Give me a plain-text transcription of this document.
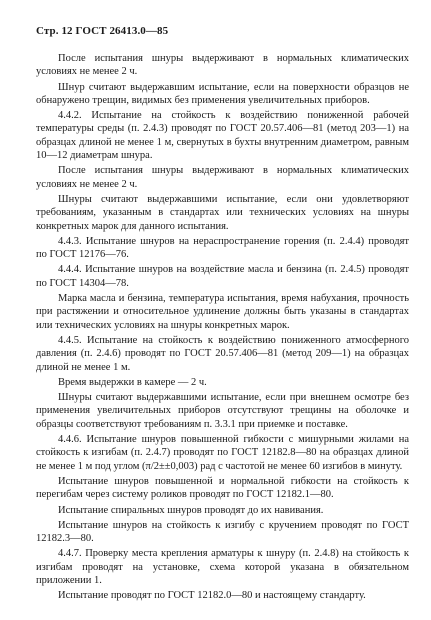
Стр. 12 ГОСТ 26413.0—85

После испытания шнуры выдерживают в нормальных климатических условиях не менее 2 ч.

Шнур считают выдержавшим испытание, если на поверхности образцов не обнаружено трещин, видимых без применения увеличительных приборов.

4.4.2. Испытание на стойкость к воздействию пониженной рабочей температуры среды (п. 2.4.3) проводят по ГОСТ 20.57.406—81 (метод 203—1) на образцах длиной не менее 1 м, свернутых в бухты внутренним диаметром, равным 10—12 диаметрам шнура.

После испытания шнуры выдерживают в нормальных климатических условиях не менее 2 ч.

Шнуры считают выдержавшими испытание, если они удовлетворяют требованиям, указанным в стандартах или технических условиях на шнуры конкретных марок для данного испытания.

4.4.3. Испытание шнуров на нераспространение горения (п. 2.4.4) проводят по ГОСТ 12176—76.

4.4.4. Испытание шнуров на воздействие масла и бензина (п. 2.4.5) проводят по ГОСТ 14304—78.

Марка масла и бензина, температура испытания, время набухания, прочность при растяжении и относительное удлинение должны быть указаны в стандартах или технических условиях на шнуры конкретных марок.

4.4.5. Испытание на стойкость к воздействию пониженного атмосферного давления (п. 2.4.6) проводят по ГОСТ 20.57.406—81 (метод 209—1) на образцах длиной не менее 1 м.

Время выдержки в камере — 2 ч.

Шнуры считают выдержавшими испытание, если при внешнем осмотре без применения увеличительных приборов отсутствуют трещины на оболочке и образцы соответствуют требованиям п. 3.3.1 при приемке и поставке.

4.4.6. Испытание шнуров повышенной гибкости с мишурными жилами на стойкость к изгибам (п. 2.4.7) проводят по ГОСТ 12182.8—80 на образцах длиной не менее 1 м под углом (π/2±±0,003) рад с частотой не менее 60 изгибов в минуту.

Испытание шнуров повышенной и нормальной гибкости на стойкость к перегибам через систему роликов проводят по ГОСТ 12182.1—80.

Испытание спиральных шнуров проводят до их навивания.

Испытание шнуров на стойкость к изгибу с кручением проводят по ГОСТ 12182.3—80.

4.4.7. Проверку места крепления арматуры к шнуру (п. 2.4.8) на стойкость к изгибам проводят на установке, схема которой указана в обязательном приложении 1.

Испытание проводят по ГОСТ 12182.0—80 и настоящему стандарту.
